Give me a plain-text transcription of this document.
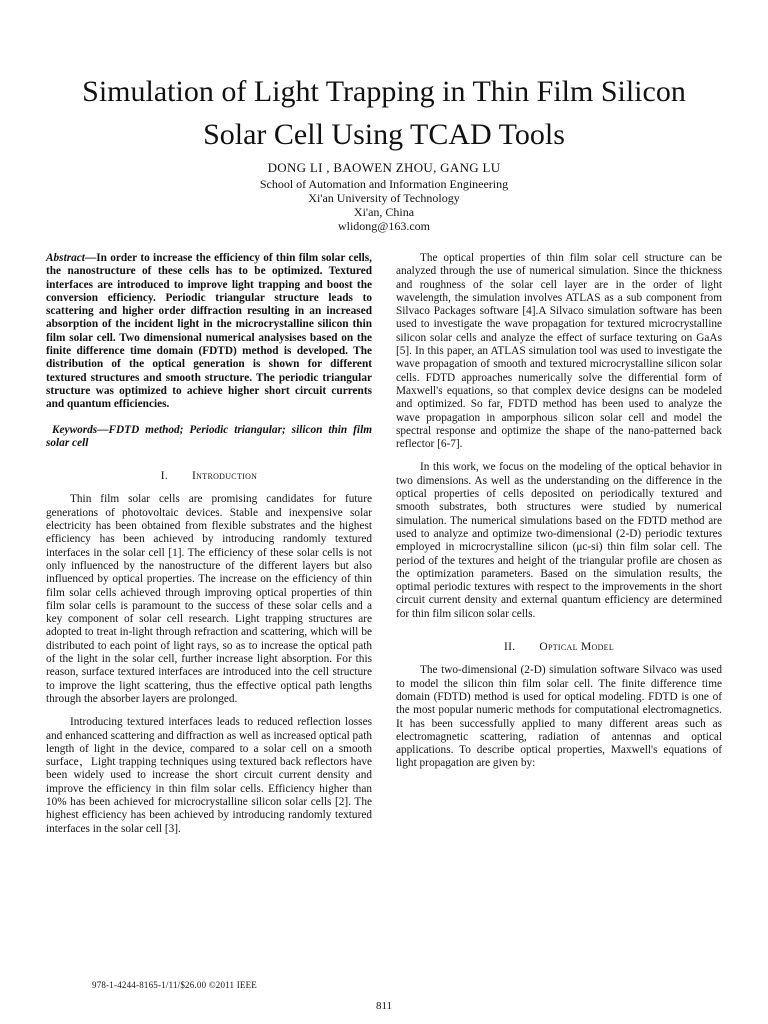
Simulation of Light Trapping in Thin Film Silicon
Solar Cell Using TCAD Tools
DONG LI , BAOWEN ZHOU, GANG LU
School of Automation and Information Engineering
Xi'an University of Technology
Xi'an, China
wlidong@163.com

Abstract—In order to increase the efficiency of thin film solar cells, the nanostructure of these cells has to be optimized. Textured interfaces are introduced to improve light trapping and boost the conversion efficiency. Periodic triangular structure leads to scattering and higher order diffraction resulting in an increased absorption of the incident light in the microcrystalline silicon thin film solar cell. Two dimensional numerical analysises based on the finite difference time domain (FDTD) method is developed. The distribution of the optical generation is shown for different textured structures and smooth structure. The periodic triangular structure was optimized to achieve higher short circuit currents and quantum efficiencies.

Keywords—FDTD method; Periodic triangular; silicon thin film solar cell

I. Introduction

Thin film solar cells are promising candidates for future generations of photovoltaic devices. Stable and inexpensive solar electricity has been obtained from flexible substrates and the highest efficiency has been achieved by introducing randomly textured interfaces in the solar cell [1]. The efficiency of these solar cells is not only influenced by the nanostructure of the different layers but also influenced by optical properties. The increase on the efficiency of thin film solar cells achieved through improving optical properties of thin film solar cells is paramount to the success of these solar cells and a key component of solar cell research. Light trapping structures are adopted to treat in-light through refraction and scattering, which will be distributed to each point of light rays, so as to increase the optical path of the light in the solar cell, further increase light absorption. For this reason, surface textured interfaces are introduced into the cell structure to improve the light scattering, thus the effective optical path lengths through the absorber layers are prolonged.

Introducing textured interfaces leads to reduced reflection losses and enhanced scattering and diffraction as well as increased optical path length of light in the device, compared to a solar cell on a smooth surface，Light trapping techniques using textured back reflectors have been widely used to increase the short circuit current density and improve the efficiency in thin film solar cells. Efficiency higher than 10% has been achieved for microcrystalline silicon solar cells [2]. The highest efficiency has been achieved by introducing randomly textured interfaces in the solar cell [3].

The optical properties of thin film solar cell structure can be analyzed through the use of numerical simulation. Since the thickness and roughness of the solar cell layer are in the order of light wavelength, the simulation involves ATLAS as a sub component from Silvaco Packages software [4].A Silvaco simulation software has been used to investigate the wave propagation for textured microcrystalline silicon solar cells and analyze the effect of surface texturing on GaAs [5]. In this paper, an ATLAS simulation tool was used to investigate the wave propagation of smooth and textured microcrystalline silicon solar cells. FDTD approaches numerically solve the differential form of Maxwell's equations, so that complex device designs can be modeled and optimized. So far, FDTD method has been used to analyze the wave propagation in amporphous silicon solar cell and model the spectral response and optimize the shape of the nano-patterned back reflector [6-7].

In this work, we focus on the modeling of the optical behavior in two dimensions. As well as the understanding on the difference in the optical properties of cells deposited on periodically textured and smooth substrates, both structures were studied by numerical simulation. The numerical simulations based on the FDTD method are used to analyze and optimize two-dimensional (2-D) periodic textures employed in microcrystalline silicon (μc-si) thin film solar cell. The period of the textures and height of the triangular profile are chosen as the optimization parameters. Based on the simulation results, the optimal periodic textures with respect to the improvements in the short circuit current density and external quantum efficiency are determined for thin film silicon solar cells.

II. Optical Model

The two-dimensional (2-D) simulation software Silvaco was used to model the silicon thin film solar cell. The finite difference time domain (FDTD) method is used for optical modeling. FDTD is one of the most popular numeric methods for computational electromagnetics. It has been successfully applied to many different areas such as electromagnetic scattering, radiation of antennas and optical applications. To describe optical properties, Maxwell's equations of light propagation are given by:

978-1-4244-8165-1/11/$26.00 ©2011 IEEE
811
